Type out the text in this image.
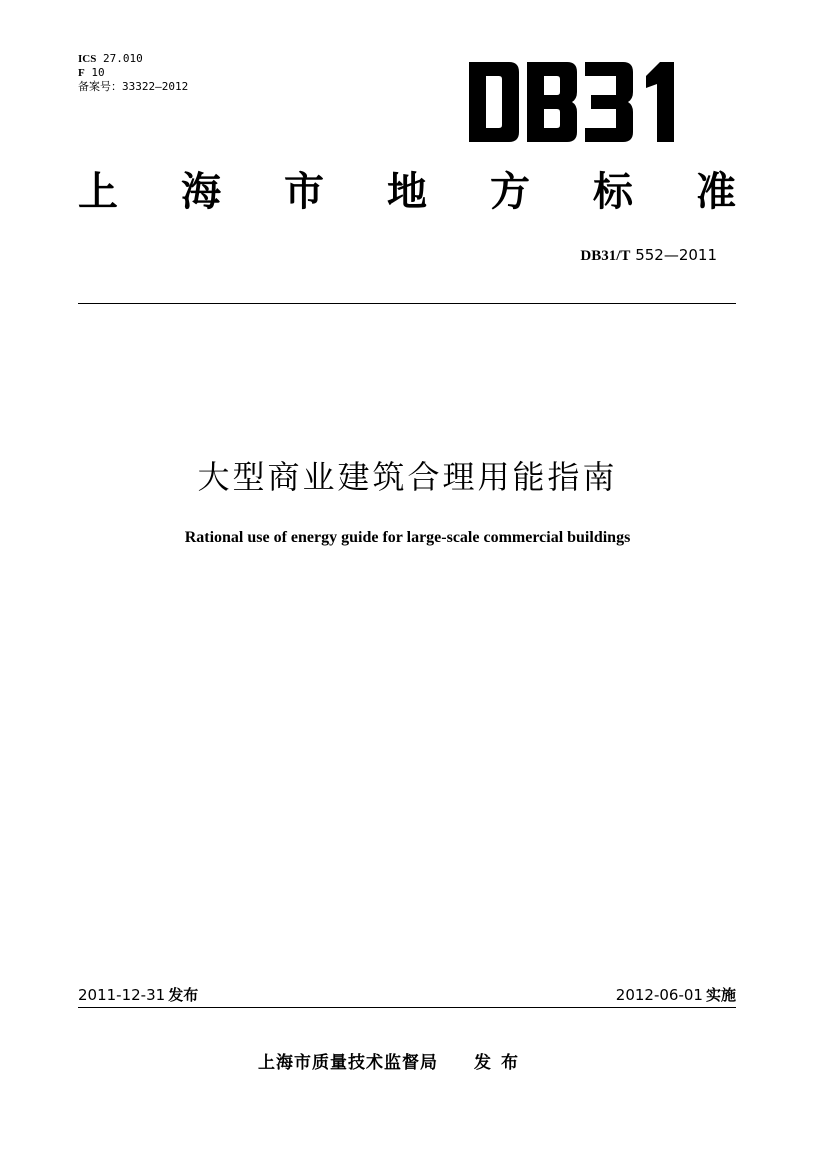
ICS 27.010
F 10
备案号：33322—2012
上 海 市 地 方 标 准
DB31/T 552—2011
大型商业建筑合理用能指南
Rational use of energy guide for large-scale commercial buildings
2011-12-31 发布	2012-06-01 实施
上海市质量技术监督局 发布
